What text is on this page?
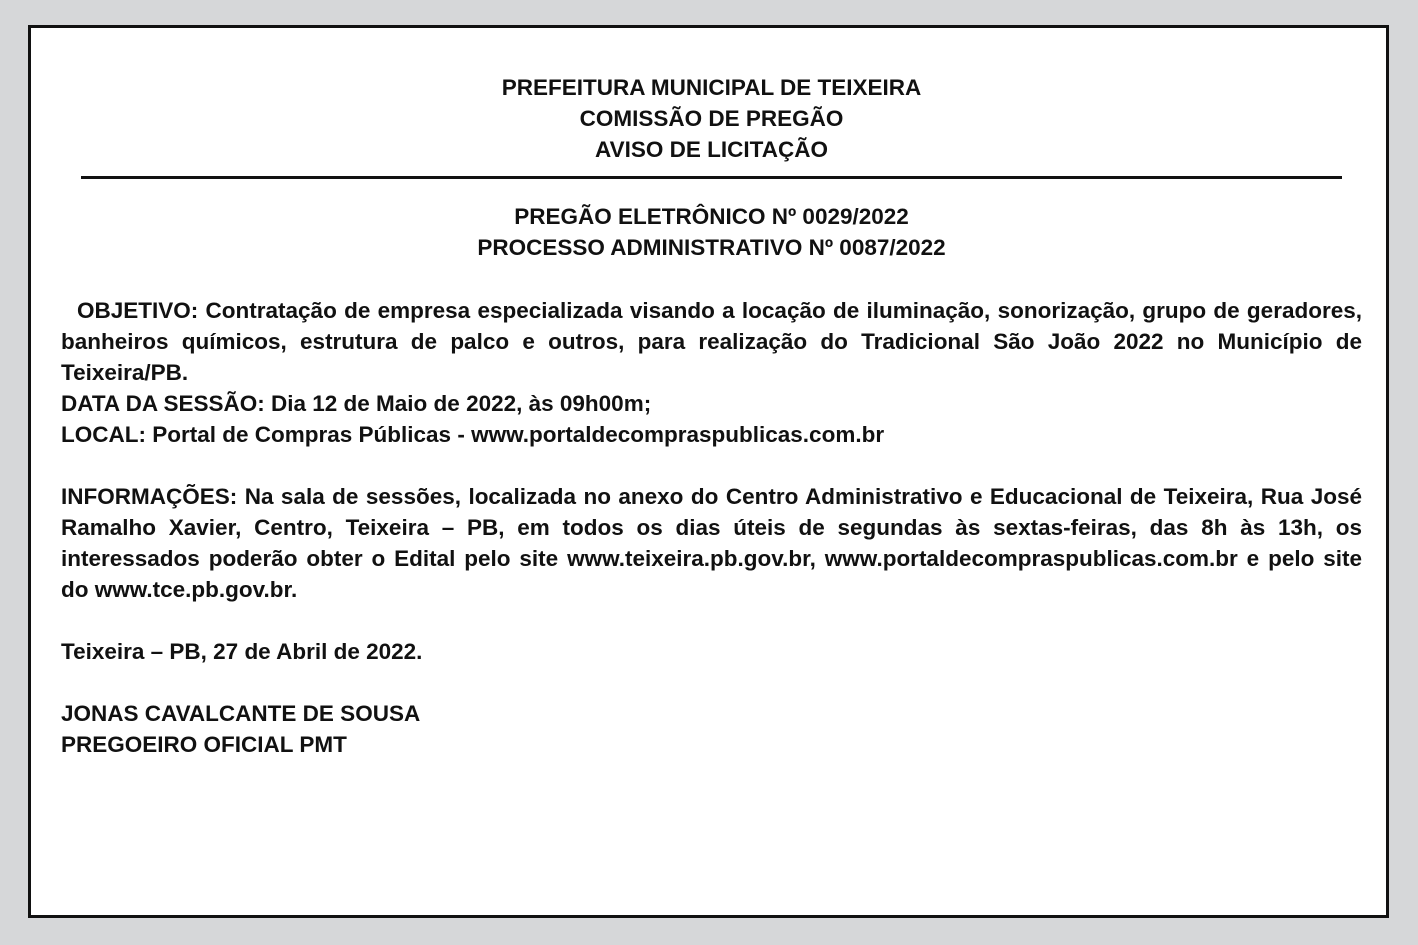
PREFEITURA MUNICIPAL DE TEIXEIRA
COMISSÃO DE PREGÃO
AVISO DE LICITAÇÃO
PREGÃO ELETRÔNICO Nº 0029/2022
PROCESSO ADMINISTRATIVO Nº 0087/2022

OBJETIVO: Contratação de empresa especializada visando a locação de iluminação, sonorização, grupo de geradores, banheiros químicos, estrutura de palco e outros, para realização do Tradicional São João 2022 no Município de Teixeira/PB.

DATA DA SESSÃO: Dia 12 de Maio de 2022, às 09h00m;

LOCAL: Portal de Compras Públicas - www.portaldecompraspublicas.com.br

INFORMAÇÕES: Na sala de sessões, localizada no anexo do Centro Administrativo e Educacional de Teixeira, Rua José Ramalho Xavier, Centro, Teixeira – PB, em todos os dias úteis de segundas às sextas-feiras, das 8h às 13h, os interessados poderão obter o Edital pelo site www.teixeira.pb.gov.br, www.portaldecompraspublicas.com.br e pelo site do www.tce.pb.gov.br.

Teixeira – PB, 27 de Abril de 2022.

JONAS CAVALCANTE DE SOUSA

PREGOEIRO OFICIAL PMT
